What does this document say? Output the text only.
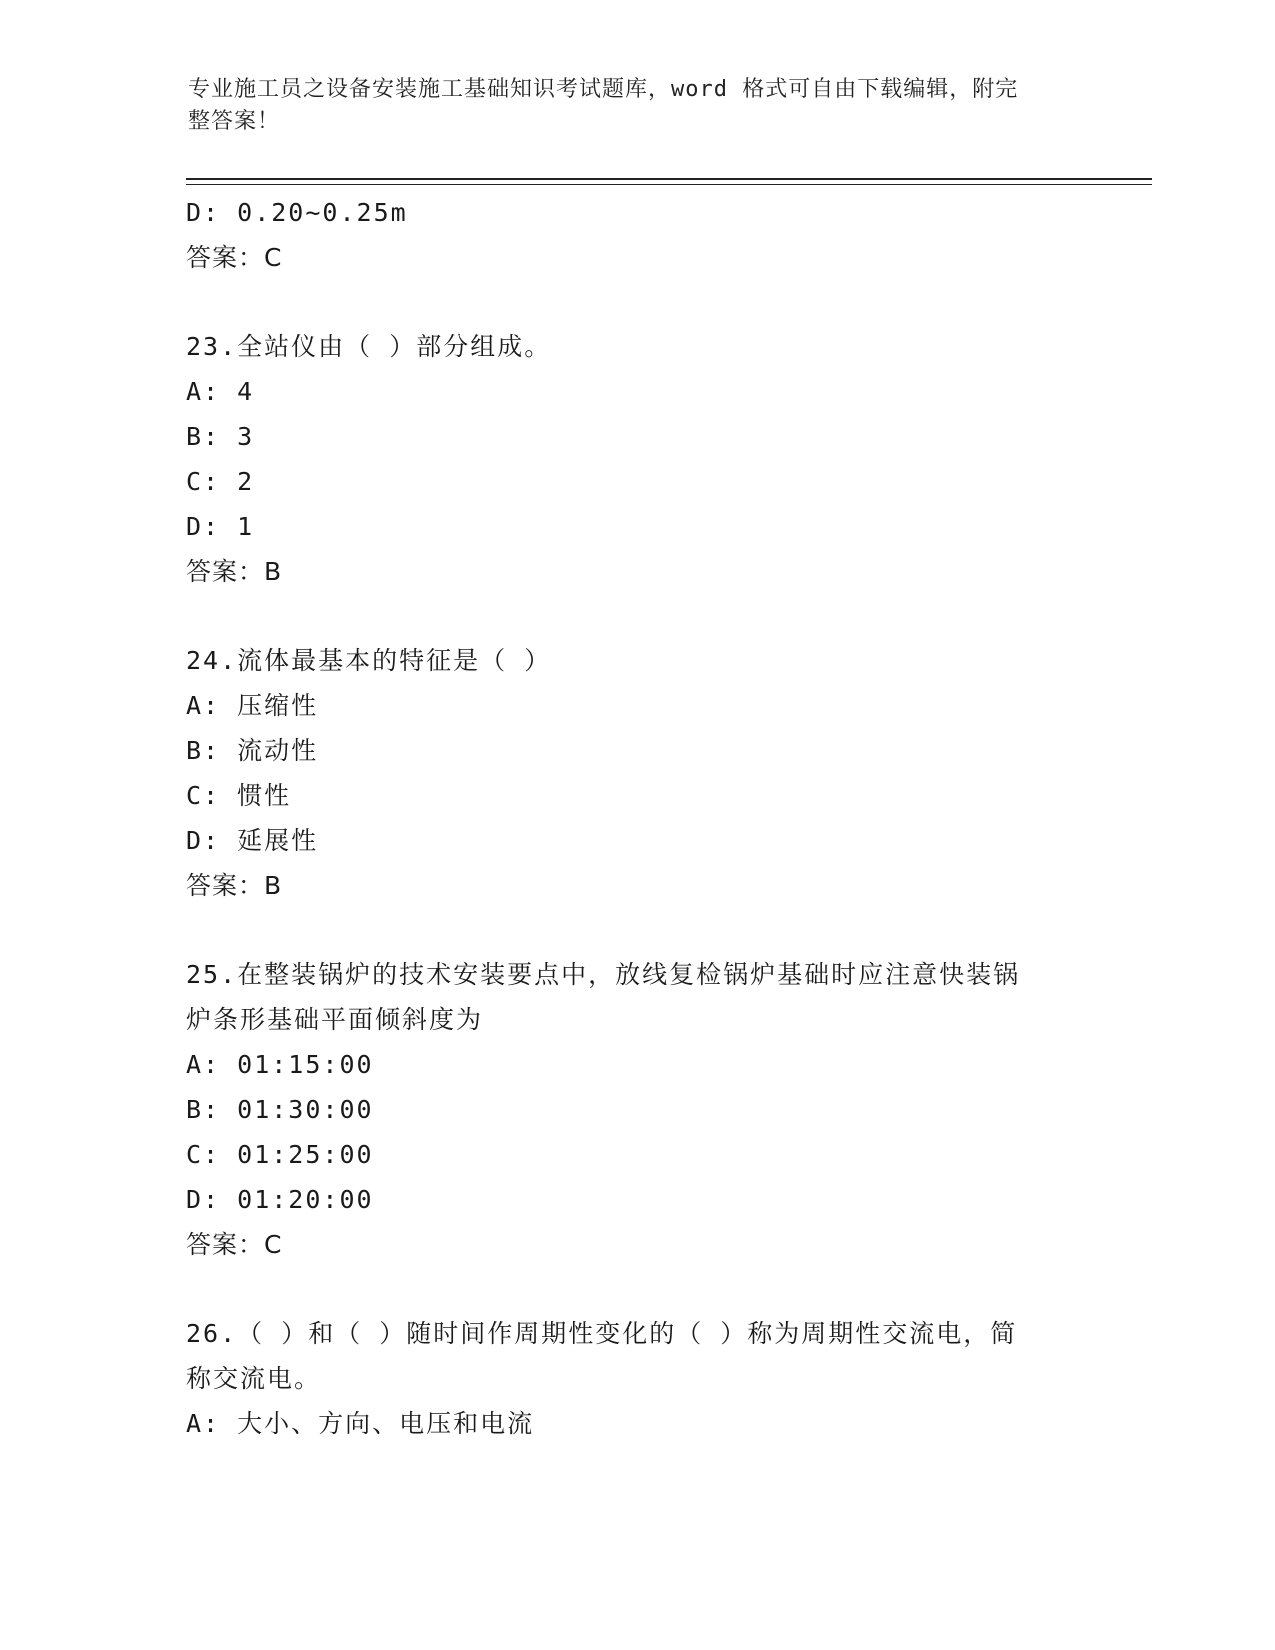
专业施工员之设备安装施工基础知识考试题库，word 格式可自由下载编辑，附完
整答案！
D: 0.20~0.25m
答案：C
23.全站仪由（ ）部分组成。
A: 4
B: 3
C: 2
D: 1
答案：B
24.流体最基本的特征是（ ）
A: 压缩性
B: 流动性
C: 惯性
D: 延展性
答案：B
25.在整装锅炉的技术安装要点中，放线复检锅炉基础时应注意快装锅
炉条形基础平面倾斜度为
A: 01:15:00
B: 01:30:00
C: 01:25:00
D: 01:20:00
答案：C
26.（ ）和（ ）随时间作周期性变化的（ ）称为周期性交流电，简
称交流电。
A: 大小、方向、电压和电流
